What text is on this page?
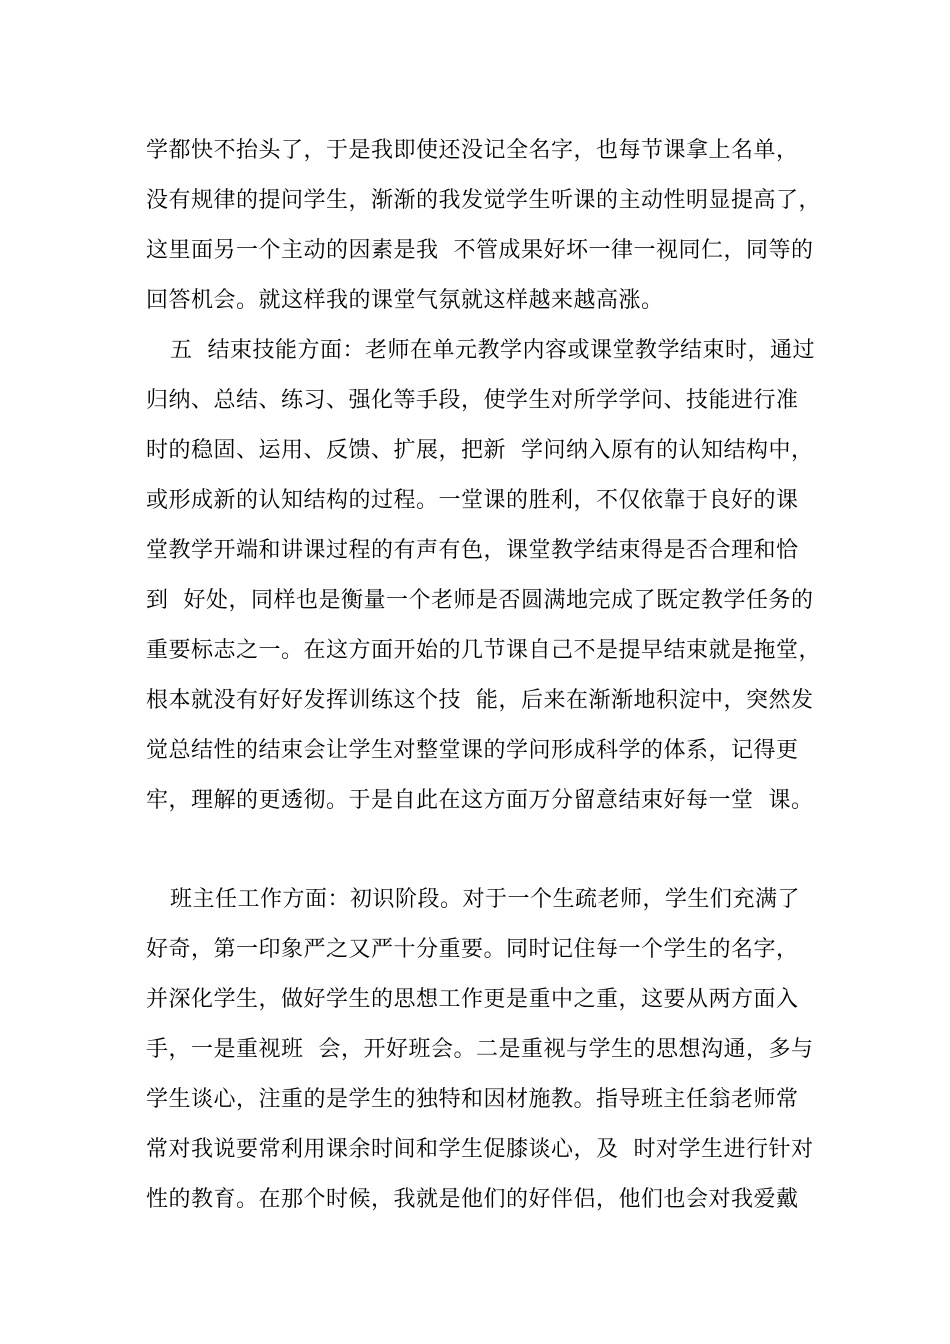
学都快不抬头了，于是我即使还没记全名字，也每节课拿上名单，
没有规律的提问学生，渐渐的我发觉学生听课的主动性明显提高了，
这里面另一个主动的因素是我  不管成果好坏一律一视同仁，同等的
回答机会。就这样我的课堂气氛就这样越来越高涨。
五  结束技能方面：老师在单元教学内容或课堂教学结束时，通过
归纳、总结、练习、强化等手段，使学生对所学学问、技能进行准
时的稳固、运用、反馈、扩展，把新  学问纳入原有的认知结构中，
或形成新的认知结构的过程。一堂课的胜利，不仅依靠于良好的课
堂教学开端和讲课过程的有声有色，课堂教学结束得是否合理和恰
到  好处，同样也是衡量一个老师是否圆满地完成了既定教学任务的
重要标志之一。在这方面开始的几节课自己不是提早结束就是拖堂，
根本就没有好好发挥训练这个技  能，后来在渐渐地积淀中，突然发
觉总结性的结束会让学生对整堂课的学问形成科学的体系，记得更
牢，理解的更透彻。于是自此在这方面万分留意结束好每一堂  课。
班主任工作方面：初识阶段。对于一个生疏老师，学生们充满了
好奇，第一印象严之又严十分重要。同时记住每一个学生的名字，
并深化学生，做好学生的思想工作更是重中之重，这要从两方面入
手，一是重视班  会，开好班会。二是重视与学生的思想沟通，多与
学生谈心，注重的是学生的独特和因材施教。指导班主任翁老师常
常对我说要常利用课余时间和学生促膝谈心，及  时对学生进行针对
性的教育。在那个时候，我就是他们的好伴侣，他们也会对我爱戴
